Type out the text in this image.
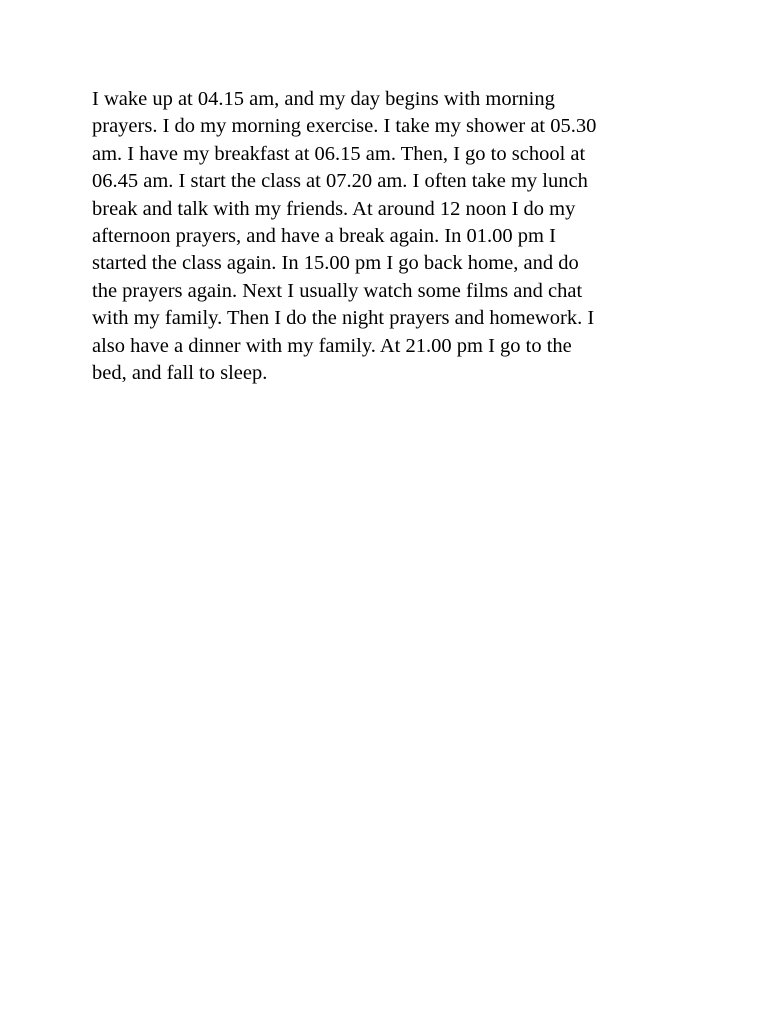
I wake up at 04.15 am, and my day begins with morning
prayers. I do my morning exercise. I take my shower at 05.30
am. I have my breakfast at 06.15 am. Then, I go to school at
06.45 am. I start the class at 07.20 am. I often take my lunch
break and talk with my friends. At around 12 noon I do my
afternoon prayers, and have a break again. In 01.00 pm I
started the class again. In 15.00 pm I go back home, and do
the prayers again. Next I usually watch some films and chat
with my family. Then I do the night prayers and homework. I
also have a dinner with my family. At 21.00 pm I go to the
bed, and fall to sleep.
